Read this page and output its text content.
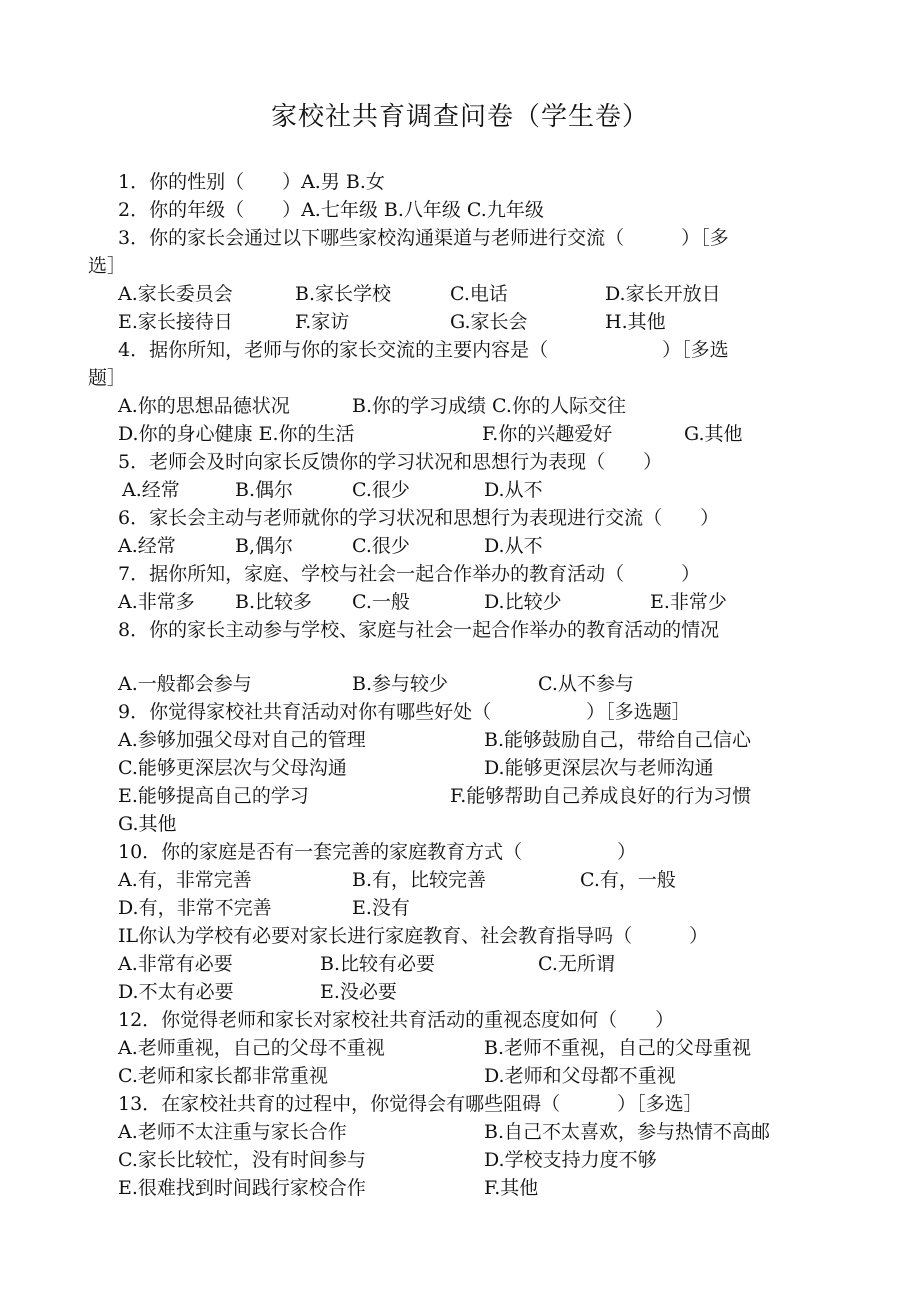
家校社共育调查问卷（学生卷）
1．你的性别（　　）A.男 B.女
2．你的年级（　　）A.七年级 B.八年级 C.九年级
3．你的家长会通过以下哪些家校沟通渠道与老师进行交流（　　　）［多
选］
A.家长委员会	B.家长学校	C.电话	D.家长开放日
E.家长接待日	F.家访	G.家长会	H.其他
4．据你所知，老师与你的家长交流的主要内容是（　　　　　　）［多选
题］
A.你的思想品德状况	B.你的学习成绩 C.你的人际交往
D.你的身心健康 E.你的生活	F.你的兴趣爱好	G.其他
5．老师会及时向家长反馈你的学习状况和思想行为表现（　　）
A.经常	B.偶尔	C.很少	D.从不
6．家长会主动与老师就你的学习状况和思想行为表现进行交流（　　）
A.经常	B,偶尔	C.很少	D.从不
7．据你所知，家庭、学校与社会一起合作举办的教育活动（　　　）
A.非常多 B.比较多 C.一般	D.比较少	E.非常少
8．你的家长主动参与学校、家庭与社会一起合作举办的教育活动的情况
A.一般都会参与	B.参与较少	C.从不参与
9．你觉得家校社共育活动对你有哪些好处（　　　　　）［多选题］
A.参够加强父母对自己的管理	B.能够鼓励自己，带给自己信心
C.能够更深层次与父母沟通	D.能够更深层次与老师沟通
E.能够提高自己的学习	F.能够帮助自己养成良好的行为习惯
G.其他
10．你的家庭是否有一套完善的家庭教育方式（　　　　　）
A.有，非常完善	B.有，比较完善	C.有，一般
D.有，非常不完善	E.没有
IL你认为学校有必要对家长进行家庭教育、社会教育指导吗（　　　）
A.非常有必要	B.比较有必要	C.无所谓
D.不太有必要	E.没必要
12．你觉得老师和家长对家校社共育活动的重视态度如何（　　）
A.老师重视，自己的父母不重视	B.老师不重视，自己的父母重视
C.老师和家长都非常重视	D.老师和父母都不重视
13．在家校社共育的过程中，你觉得会有哪些阻碍（　　　）［多选］
A.老师不太注重与家长合作	B.自己不太喜欢，参与热情不高邮
C.家长比较忙，没有时间参与	D.学校支持力度不够
E.很难找到时间践行家校合作	F.其他
